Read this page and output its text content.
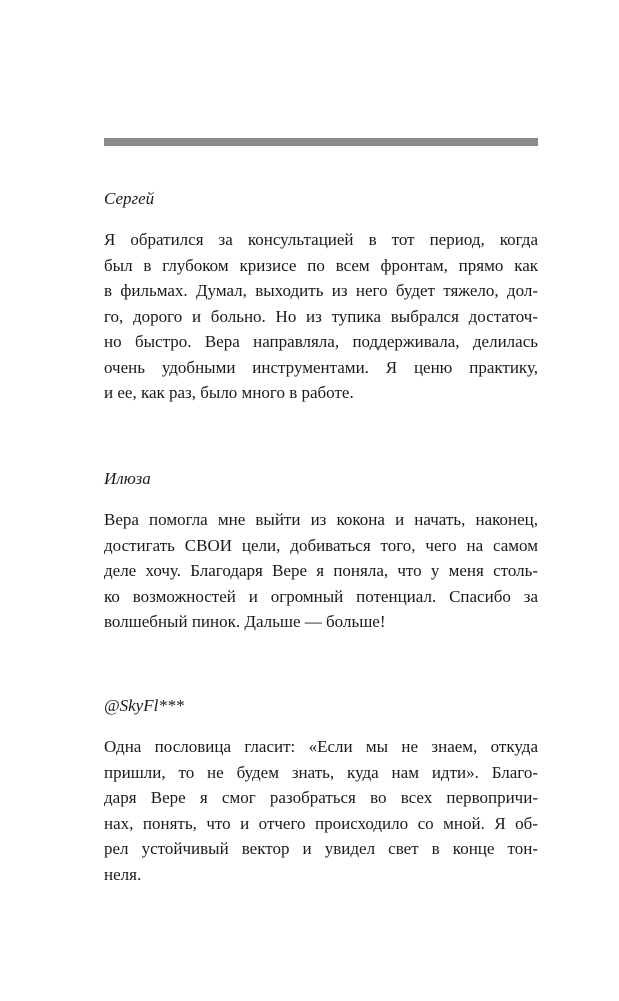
Сергей

Я обратился за консультацией в тот период, когда
был в глубоком кризисе по всем фронтам, прямо как
в фильмах. Думал, выходить из него будет тяжело, дол-
го, дорого и больно. Но из тупика выбрался достаточ-
но быстро. Вера направляла, поддерживала, делилась
очень удобными инструментами. Я ценю практику,
и ее, как раз, было много в работе.

Илюза

Вера помогла мне выйти из кокона и начать, наконец,
достигать СВОИ цели, добиваться того, чего на самом
деле хочу. Благодаря Вере я поняла, что у меня столь-
ко возможностей и огромный потенциал. Спасибо за
волшебный пинок. Дальше — больше!

@SkyFl***

Одна пословица гласит: «Если мы не знаем, откуда
пришли, то не будем знать, куда нам идти». Благо-
даря Вере я смог разобраться во всех первопричи-
нах, понять, что и отчего происходило со мной. Я об-
рел устойчивый вектор и увидел свет в конце тон-
неля.
